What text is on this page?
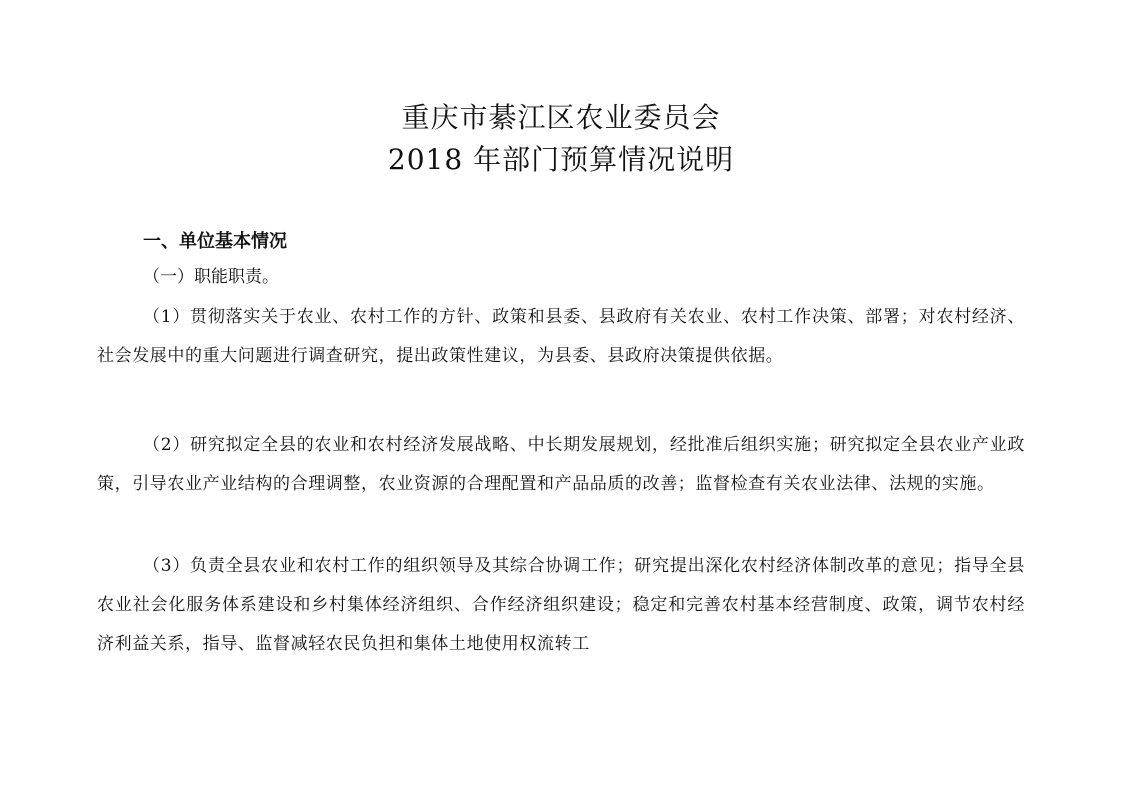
重庆市綦江区农业委员会
2018 年部门预算情况说明
一、单位基本情况
（一）职能职责。
（1）贯彻落实关于农业、农村工作的方针、政策和县委、县政府有关农业、农村工作决策、部署；对农村经济、社会发展中的重大问题进行调查研究，提出政策性建议，为县委、县政府决策提供依据。
（2）研究拟定全县的农业和农村经济发展战略、中长期发展规划，经批准后组织实施；研究拟定全县农业产业政策，引导农业产业结构的合理调整，农业资源的合理配置和产品品质的改善；监督检查有关农业法律、法规的实施。
（3）负责全县农业和农村工作的组织领导及其综合协调工作；研究提出深化农村经济体制改革的意见；指导全县农业社会化服务体系建设和乡村集体经济组织、合作经济组织建设；稳定和完善农村基本经营制度、政策，调节农村经济利益关系，指导、监督减轻农民负担和集体土地使用权流转工
